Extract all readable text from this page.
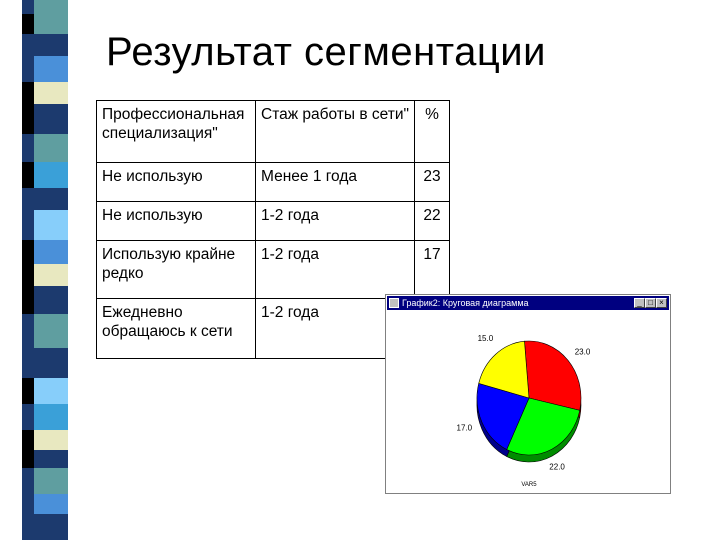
Результат сегментации
Профессиональная специализация"	Стаж работы в сети"	%
Не использую	Менее 1 года	23
Не использую	1-2 года	22
Использую крайне редко	1-2 года	17
Ежедневно обращаюсь к сети	1-2 года	
График2: Круговая диаграмма	_ □ ×
23.0
22.0
17.0
15.0
VAR5
